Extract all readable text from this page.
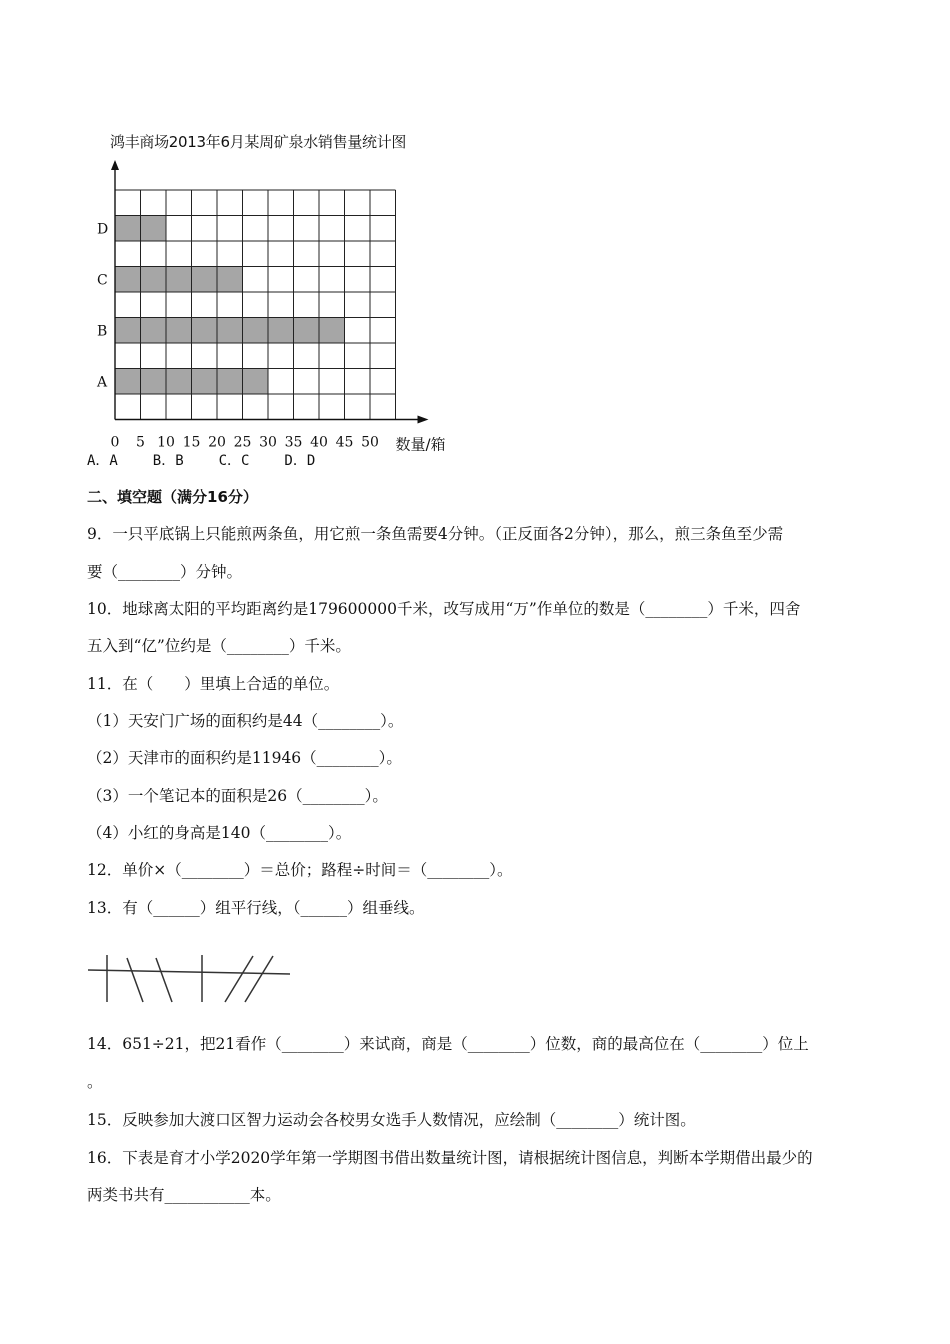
鸿丰商场2013年6月某周矿泉水销售量统计图
A
B
C
D
0 5 10 15 20 25 30 35 40 45 50 数量/箱
A．A B．B C．C D．D
二、填空题（满分16分）
9．一只平底锅上只能煎两条鱼，用它煎一条鱼需要4分钟。（正反面各2分钟），那么，煎三条鱼至少需
要（________）分钟。
10．地球离太阳的平均距离约是179600000千米，改写成用“万”作单位的数是（________）千米，四舍
五入到“亿”位约是（________）千米。
11．在（　　）里填上合适的单位。
（1）天安门广场的面积约是44（________）。
（2）天津市的面积约是11946（________）。
（3）一个笔记本的面积是26（________）。
（4）小红的身高是140（________）。
12．单价×（________）＝总价；路程÷时间＝（________）。
13．有（______）组平行线，（______）组垂线。
14．651÷21，把21看作（________）来试商，商是（________）位数，商的最高位在（________）位上
。
15．反映参加大渡口区智力运动会各校男女选手人数情况，应绘制（________）统计图。
16．下表是育才小学2020学年第一学期图书借出数量统计图，请根据统计图信息，判断本学期借出最少的
两类书共有___________本。
